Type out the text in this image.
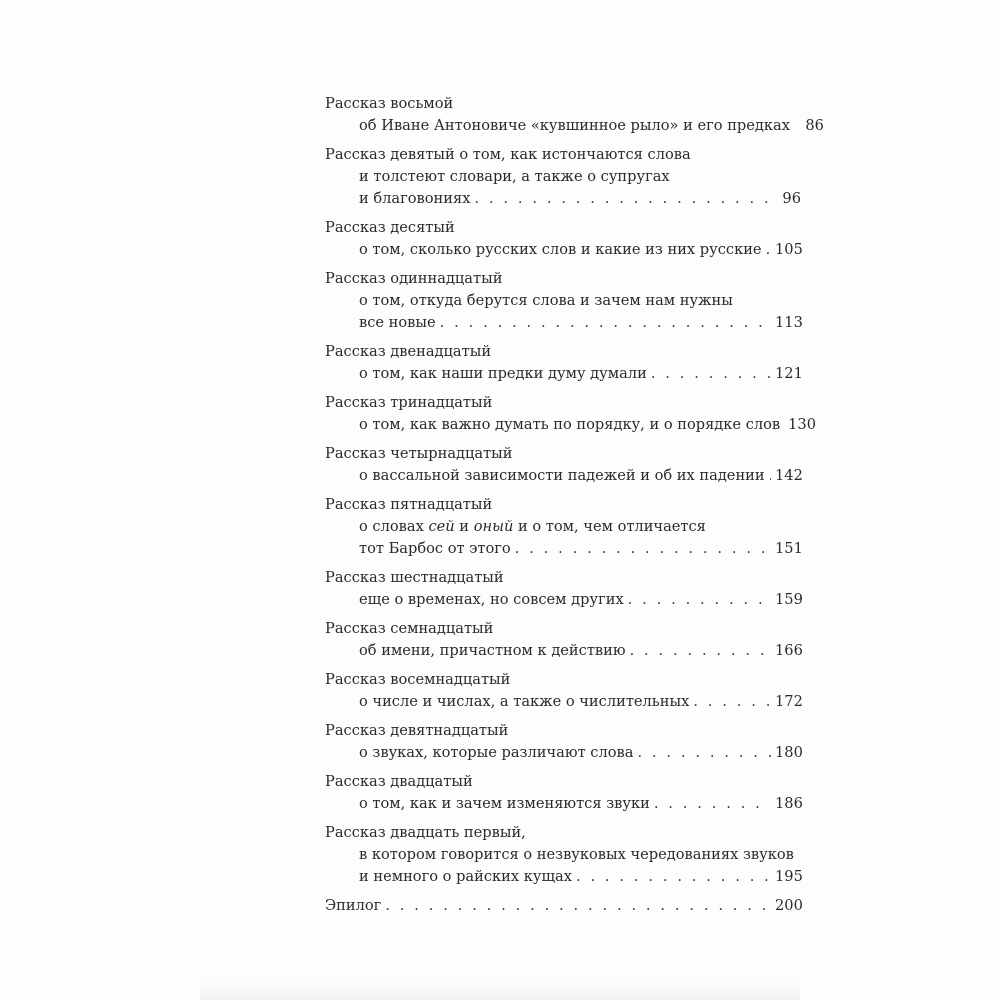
Рассказ восьмой
об Иване Антоновиче «кувшинное рыло» и его предках	86
Рассказ девятый о том, как истончаются слова
и толстеют словари, а также о супругах
и благовониях . . .	96
Рассказ десятый
о том, сколько русских слов и какие из них русские . . . 105
Рассказ одиннадцатый
о том, откуда берутся слова и зачем нам нужны
все новые . . .	113
Рассказ двенадцатый
о том, как наши предки думу думали . . .	121
Рассказ тринадцатый
о том, как важно думать по порядку, и о порядке слов 130
Рассказ четырнадцатый
о вассальной зависимости падежей и об их падении . . . 142
Рассказ пятнадцатый
о словах сей и оный и о том, чем отличается
тот Барбос от этого . . .	151
Рассказ шестнадцатый
еще о временах, но совсем других . . .	159
Рассказ семнадцатый
об имени, причастном к действию . . .	166
Рассказ восемнадцатый
о числе и числах, а также о числительных . . .	172
Рассказ девятнадцатый
о звуках, которые различают слова . . .	180
Рассказ двадцатый
о том, как и зачем изменяются звуки . . .	186
Рассказ двадцать первый,
в котором говорится о незвуковых чередованиях звуков
и немного о райских кущах . . .	195
Эпилог . . .	200
